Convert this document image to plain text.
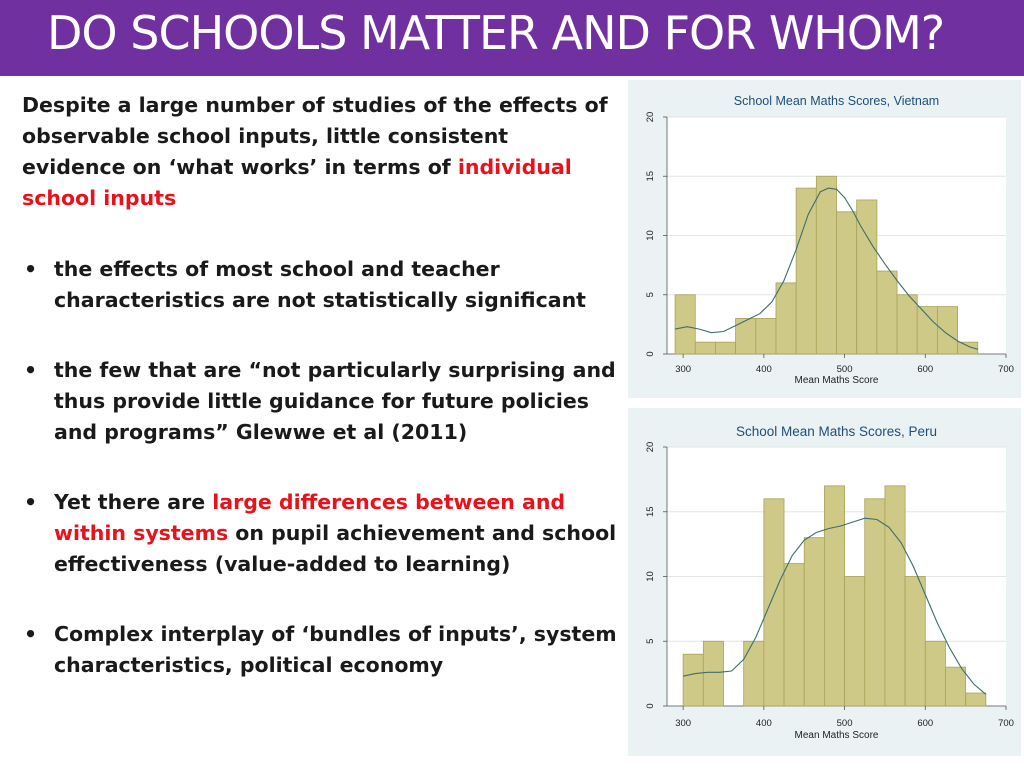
DO SCHOOLS MATTER AND FOR WHOM?

Despite a large number of studies of the effects of observable school inputs, little consistent evidence on ‘what works’ in terms of individual school inputs

• the effects of most school and teacher characteristics are not statistically significant
• the few that are “not particularly surprising and thus provide little guidance for future policies and programs” Glewwe et al (2011)
• Yet there are large differences between and within systems on pupil achievement and school effectiveness (value-added to learning)
• Complex interplay of ‘bundles of inputs’, system characteristics, political economy
0
5
10
15
20
300	400	500	600	700
School Mean Maths Scores, Vietnam
Mean Maths Score
0
5
10
15
20
300	400	500	600	700
School Mean Maths Scores, Peru
Mean Maths Score
